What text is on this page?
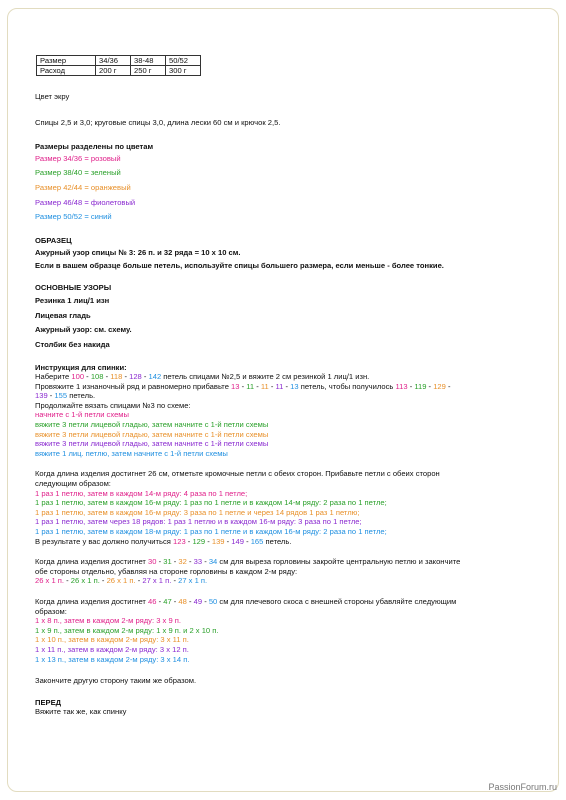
Размер	34/36	38-48	50/52
Расход	200 г	250 г	300 г

Цвет экру

Спицы 2,5 и 3,0; круговые спицы 3,0, длина лески 60 см и крючок 2,5.

Размеры разделены по цветам

Размер 34/36 = розовый

Размер 38/40 = зеленый

Размер 42/44 = оранжевый

Размер 46/48 = фиолетовый

Размер 50/52 = синий

ОБРАЗЕЦ

Ажурный узор спицы № 3: 26 п. и 32 ряда = 10 х 10 см.

Если в вашем образце больше петель, используйте спицы большего размера, если меньше - более тонкие.

ОСНОВНЫЕ УЗОРЫ

Резинка 1 лиц/1 изн

Лицевая гладь

Ажурный узор: см. схему.

Столбик без накида

Инструкция для спинки:

Наберите 100 - 108 - 118 - 128 - 142 петель спицами №2,5 и вяжите 2 см резинкой 1 лиц/1 изн.

Провяжите 1 изнаночный ряд и равномерно прибавьте 13 - 11 - 11 - 11 - 13 петель, чтобы получилось 113 - 119 - 129 -

139 - 155 петель.

Продолжайте вязать спицами №3 по схеме:

начните с 1-й петли схемы

вяжите 3 петли лицевой гладью, затем начните с 1-й петли схемы

вяжите 3 петли лицевой гладью, затем начните с 1-й петли схемы

вяжите 3 петли лицевой гладью, затем начните с 1-й петли схемы

вяжите 1 лиц. петлю, затем начните с 1-й петли схемы

Когда длина изделия достигнет 26 см, отметьте кромочные петли с обеих сторон. Прибавьте петли с обеих сторон

следующим образом:

1 раз 1 петлю, затем в каждом 14-м ряду: 4 раза по 1 петле;

1 раз 1 петлю, затем в каждом 16-м ряду: 1 раз по 1 петле и в каждом 14-м ряду: 2 раза по 1 петле;

1 раз 1 петлю, затем в каждом 16-м ряду: 3 раза по 1 петле и через 14 рядов 1 раз 1 петлю;

1 раз 1 петлю, затем через 18 рядов: 1 раз 1 петлю и в каждом 16-м ряду: 3 раза по 1 петле;

1 раз 1 петлю, затем в каждом 18-м ряду: 1 раз по 1 петле и в каждом 16-м ряду: 2 раза по 1 петле;

В результате у вас должно получиться 123 - 129 - 139 - 149 - 165 петель.

Когда длина изделия достигнет 30 - 31 - 32 - 33 - 34 см для выреза горловины закройте центральную петлю и закончите

обе стороны отдельно, убавляя на стороне горловины в каждом 2-м ряду:

26 х 1 п. - 26 х 1 п. - 26 х 1 п. - 27 х 1 п. - 27 х 1 п.

Когда длина изделия достигнет 46 - 47 - 48 - 49 - 50 см для плечевого скоса с внешней стороны убавляйте следующим

образом:

1 х 8 п., затем в каждом 2-м ряду: 3 х 9 п.

1 х 9 п., затем в каждом 2-м ряду: 1 х 9 п. и 2 х 10 п.

1 х 10 п., затем в каждом 2-м ряду: 3 х 11 п.

1 х 11 п., затем в каждом 2-м ряду: 3 х 12 п.

1 х 13 п., затем в каждом 2-м ряду: 3 х 14 п.

Закончите другую сторону таким же образом.

ПЕРЕД

Вяжите так же, как спинку

PassionForum.ru
